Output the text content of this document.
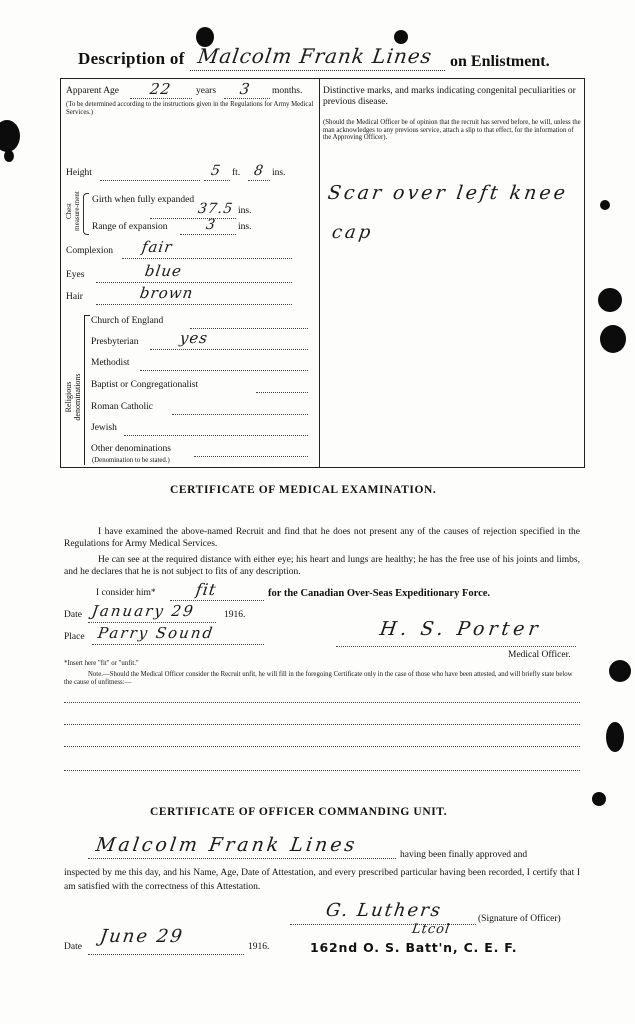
Description of Malcolm Frank Lines	on Enlistment.
Apparent Age 22 years 3 months.
(To be determined according to the instructions given in the Regulations for Army Medical Services.)
Height	5 ft. 8 ins.
Chest measure-ment Girth when fully expanded
37.5 ins.
Range of expansion	3 ins.
Complexion fair
Eyes	blue
Hair	brown
Religious denominations
Church of England
Presbyterian	yes
Methodist
Baptist or Congregationalist
Roman Catholic
Jewish
Other denominations
(Denomination to be stated.)
Distinctive marks, and marks indicating congenital peculiarities or previous disease.
(Should the Medical Officer be of opinion that the recruit has served before, he will, unless the man acknowledges to any previous service, attach a slip to that effect, for the information of the Approving Officer).
Scar over left knee
cap
CERTIFICATE OF MEDICAL EXAMINATION.
I have examined the above-named Recruit and find that he does not present any of the causes of rejection specified in the Regulations for Army Medical Services.
He can see at the required distance with either eye; his heart and lungs are healthy; he has the free use of his joints and limbs, and he declares that he is not subject to fits of any description.
I consider him* fit	for the Canadian Over-Seas Expeditionary Force.
Date January 29	1916.
Place Parry Sound	H. S. Porter
Medical Officer.
*Insert here "fit" or "unfit."
Note.—Should the Medical Officer consider the Recruit unfit, he will fill in the foregoing Certificate only in the case of those who have been attested, and will briefly state below the cause of unfitness:—
CERTIFICATE OF OFFICER COMMANDING UNIT.
Malcolm Frank Lines	having been finally approved and
inspected by me this day, and his Name, Age, Date of Attestation, and every prescribed particular having been recorded, I certify that I am satisfied with the correctness of this Attestation.
G. Luthers	(Signature of Officer)
Ltcol
Date June 29	1916.	162nd O. S. Batt'n, C. E. F.
